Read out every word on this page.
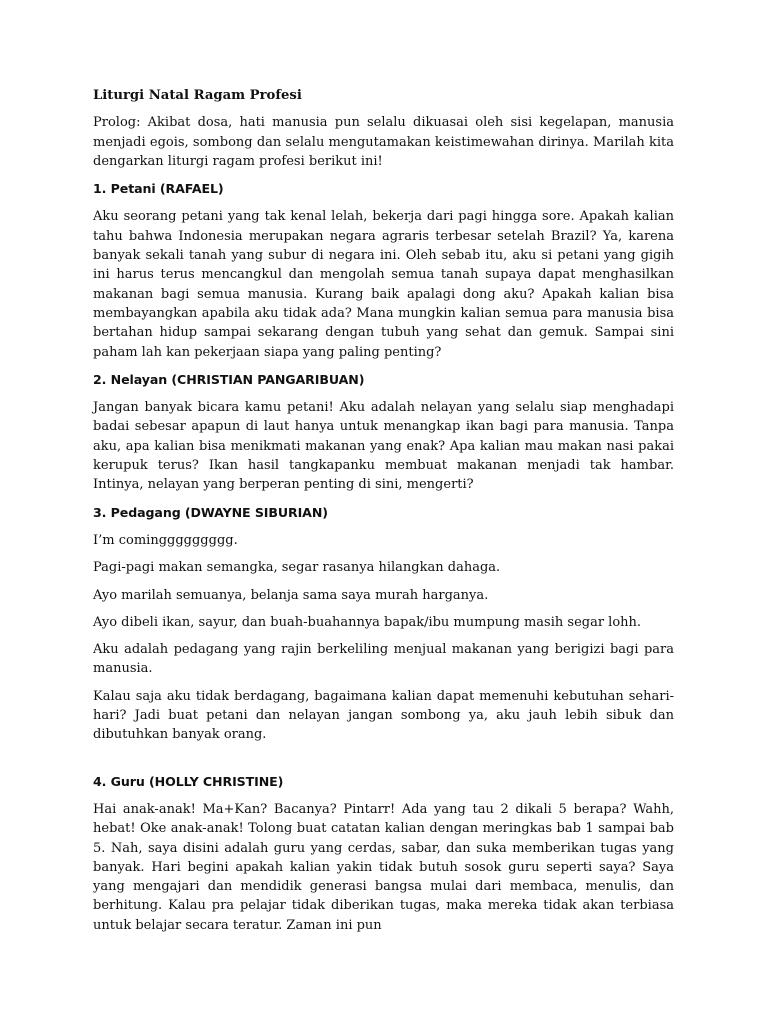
Liturgi Natal Ragam Profesi
Prolog: Akibat dosa, hati manusia pun selalu dikuasai oleh sisi kegelapan, manusia menjadi egois, sombong dan selalu mengutamakan keistimewahan dirinya. Marilah kita dengarkan liturgi ragam profesi berikut ini!
1. Petani (RAFAEL)
Aku seorang petani yang tak kenal lelah, bekerja dari pagi hingga sore. Apakah kalian tahu bahwa Indonesia merupakan negara agraris terbesar setelah Brazil? Ya, karena banyak sekali tanah yang subur di negara ini. Oleh sebab itu, aku si petani yang gigih ini harus terus mencangkul dan mengolah semua tanah supaya dapat menghasilkan makanan bagi semua manusia. Kurang baik apalagi dong aku? Apakah kalian bisa membayangkan apabila aku tidak ada? Mana mungkin kalian semua para manusia bisa bertahan hidup sampai sekarang dengan tubuh yang sehat dan gemuk. Sampai sini paham lah kan pekerjaan siapa yang paling penting?
2. Nelayan (CHRISTIAN PANGARIBUAN)
Jangan banyak bicara kamu petani! Aku adalah nelayan yang selalu siap menghadapi badai sebesar apapun di laut hanya untuk menangkap ikan bagi para manusia. Tanpa aku, apa kalian bisa menikmati makanan yang enak? Apa kalian mau makan nasi pakai kerupuk terus? Ikan hasil tangkapanku membuat makanan menjadi tak hambar. Intinya, nelayan yang berperan penting di sini, mengerti?
3. Pedagang (DWAYNE SIBURIAN)
I’m cominggggggggg.
Pagi-pagi makan semangka, segar rasanya hilangkan dahaga.
Ayo marilah semuanya, belanja sama saya murah harganya.
Ayo dibeli ikan, sayur, dan buah-buahannya bapak/ibu mumpung masih segar lohh.
Aku adalah pedagang yang rajin berkeliling menjual makanan yang berigizi bagi para manusia.
Kalau saja aku tidak berdagang, bagaimana kalian dapat memenuhi kebutuhan sehari-hari? Jadi buat petani dan nelayan jangan sombong ya, aku jauh lebih sibuk dan dibutuhkan banyak orang.
4. Guru (HOLLY CHRISTINE)
Hai anak-anak! Ma+Kan? Bacanya? Pintarr! Ada yang tau 2 dikali 5 berapa? Wahh, hebat! Oke anak-anak! Tolong buat catatan kalian dengan meringkas bab 1 sampai bab 5. Nah, saya disini adalah guru yang cerdas, sabar, dan suka memberikan tugas yang banyak. Hari begini apakah kalian yakin tidak butuh sosok guru seperti saya? Saya yang mengajari dan mendidik generasi bangsa mulai dari membaca, menulis, dan berhitung. Kalau pra pelajar tidak diberikan tugas, maka mereka tidak akan terbiasa untuk belajar secara teratur. Zaman ini pun
